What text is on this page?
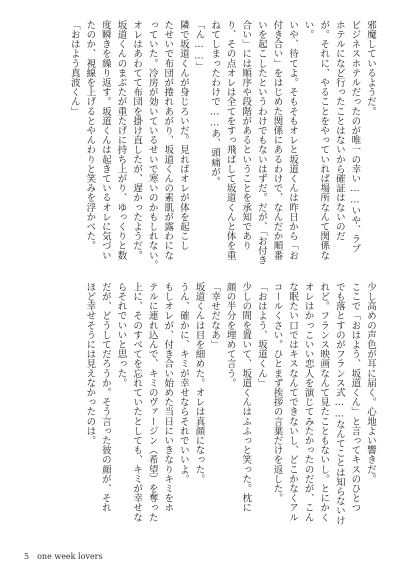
邪魔しているようだ。

ビジネスホテルだったのが唯一の幸い……いや、ラブ

ホテルになど行ったことはないから確証はないのだ

が。それに、やることをやっていれば場所なんて関係な

い。

いや、待てよ。そもそもオレと坂道くんは昨日から「お

付き合い」をはじめた関係にあるわけで、なんだか順番

いを起こしたというわけでもないはずだ。だが、「お付き

合い」には順序や段階があるということを承知であり

り、その点オレは全てをすっ飛ばして坂道くんと体を重

ねてしまったわけで……あ、頭痛が。

「ん……」

隣で坂道くんが身じろいだ。見ればオレが体を起こし

たせいで布団が捲れあがり、坂道くんの素肌が露わにな

っていた。冷房が効いているせいで寒いのかもしれない。

オレはあわてて布団を掛け直したが、遅かったようだ。

坂道くんのまぶたが重たげに持ち上がり、ゆっくりと数

度瞬きを繰り返す。坂道くんは起きているオレに気づい

たのか、視線を上げるとやんわりと笑みを浮かべた。

「おはよう真波くん」

少し高めの声色が耳に届く。心地よい響きだ。

ここで「おはよう、坂道くん」と言ってキスのひとつ

でも落とすのがフランス式……なんてことは知らないけ

れど。フランス映画なんて見たこともないし。とにかく

オレはかっこいい恋人を演じてみたかったのだが、こん

な眠たい口ではキスなんてできないし、どこかなくアル

コールくさい。ひとまず挨拶の言葉だけを返した。

「おはよう、坂道くん」

少しの間を置いて、坂道くんはふふっと笑った。枕に

顔の半分を埋めて言う。

「幸せだなあ」

坂道くんは目を細めた。オレは真顔になった。

うん、確かに、キミが幸せならそれでいいよ。

もしオレが、付き合い始めた当日にいきなりキミをホ

テルに連れ込んで、キミのヴァージン（希望）を奪った

上に、そのすべてを忘れていたとしても、キミが幸せな

らそれでいいと思った。

だが、どうしてだろうか。そう言った彼の顔が、それ

ほど幸せそうには見えなかったのは。

5 one week lovers
